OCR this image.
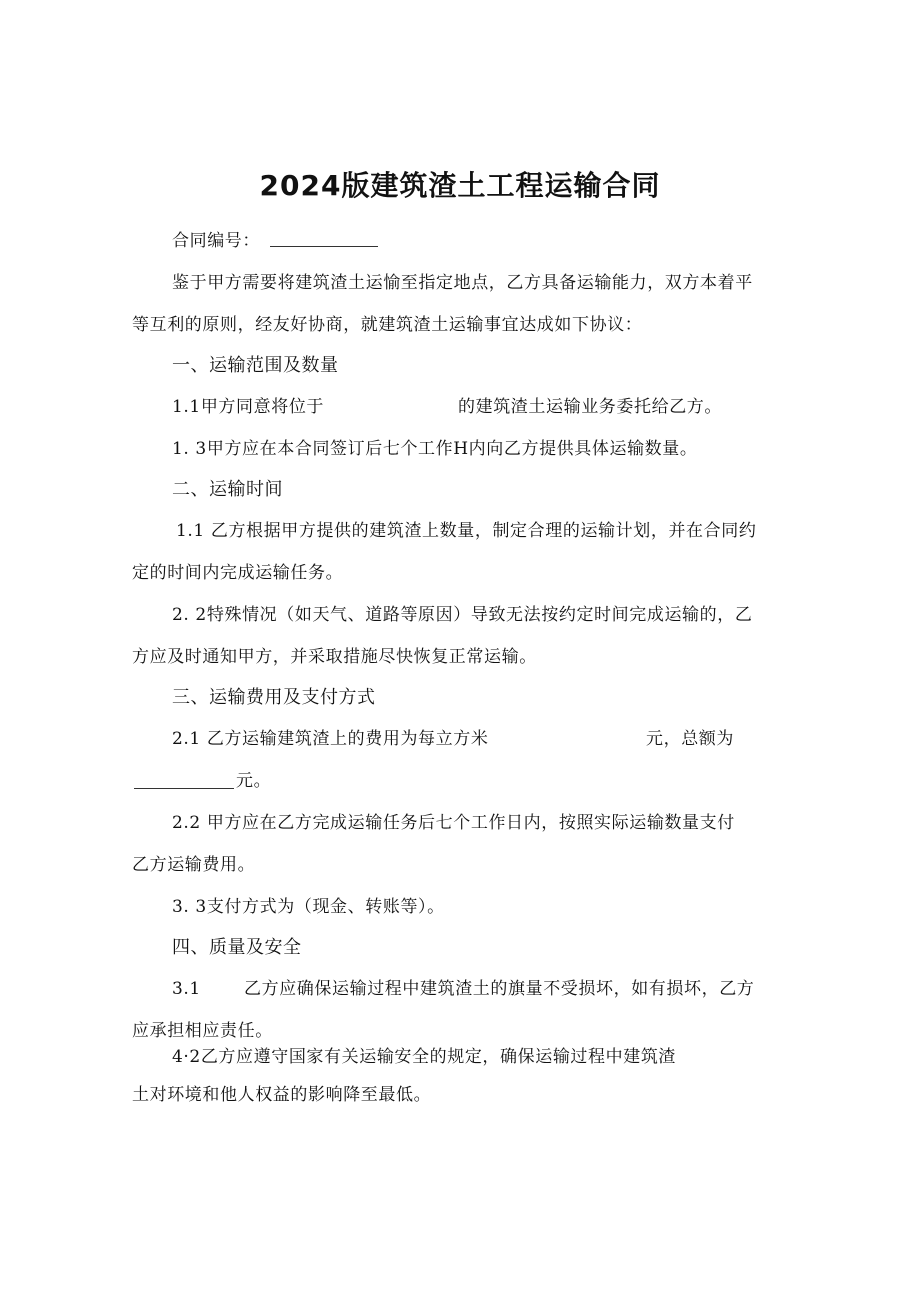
2024版建筑渣土工程运输合同
合同编号：
鉴于甲方需要将建筑渣土运愉至指定地点，乙方具备运输能力，双方本着平
等互利的原则，经友好协商，就建筑渣土运输事宜达成如下协议：
一、运输范围及数量
1.1甲方同意将位于	的建筑渣土运输业务委托给乙方。
1. 3甲方应在本合同签订后七个工作H内向乙方提供具体运输数量。
二、运输时间
1.1 乙方根据甲方提供的建筑渣上数量，制定合理的运输计划，并在合同约
定的时间内完成运输任务。
2. 2特殊情况（如天气、道路等原因）导致无法按约定时间完成运输的，乙
方应及时通知甲方，并采取措施尽快恢复正常运输。
三、运输费用及支付方式
2.1 乙方运输建筑渣上的费用为每立方米	元，总额为
元。
2.2 甲方应在乙方完成运输任务后七个工作日内，按照实际运输数量支付
乙方运输费用。
3. 3支付方式为（现金、转账等）。
四、质量及安全
3.1	乙方应确保运输过程中建筑渣土的旗量不受损坏，如有损坏，乙方
应承担相应责任。
4·2乙方应遵守国家有关运输安全的规定，确保运输过程中建筑渣
土对环境和他人权益的影响降至最低。
